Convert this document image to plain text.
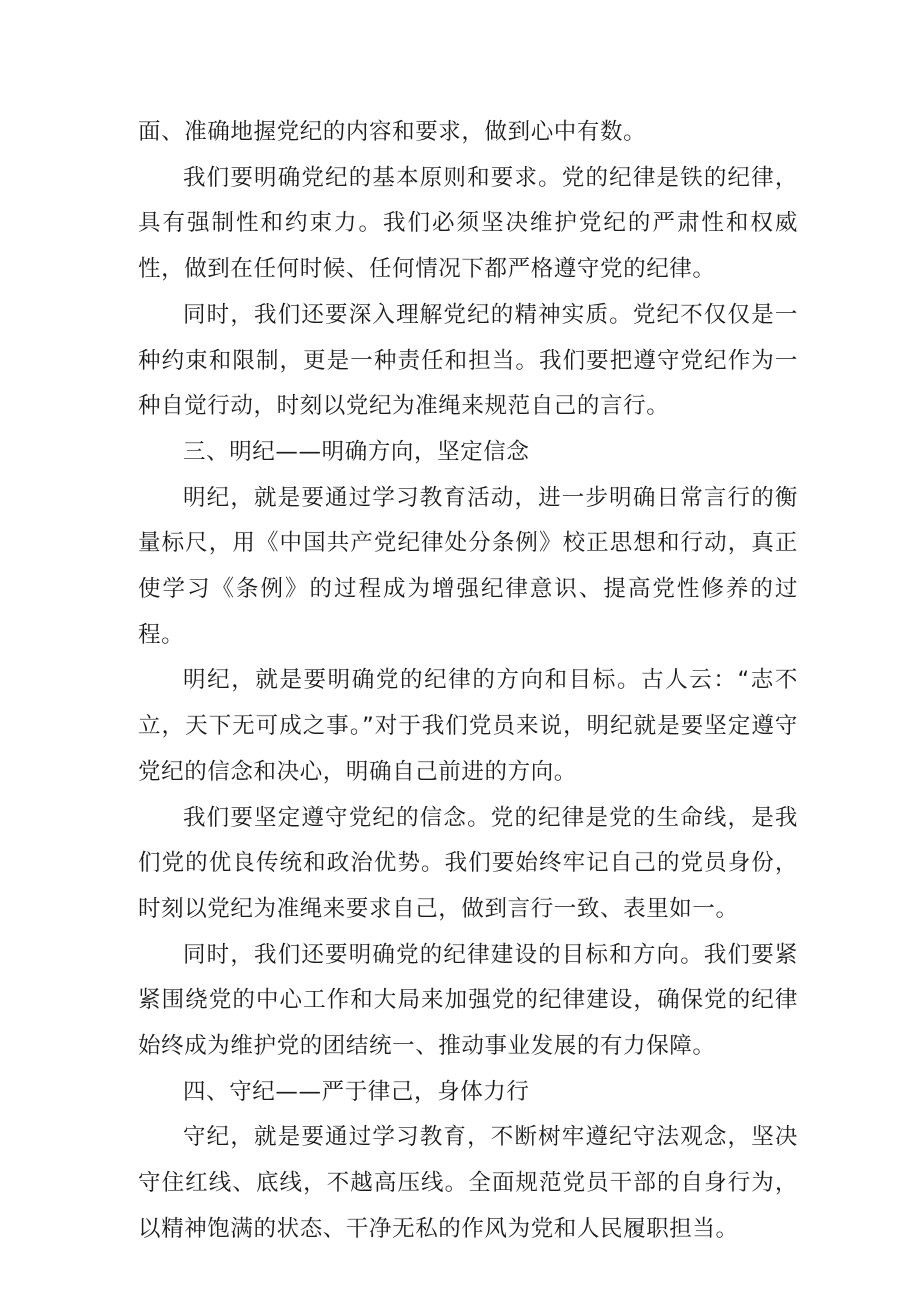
面、准确地握党纪的内容和要求，做到心中有数。

我们要明确党纪的基本原则和要求。党的纪律是铁的纪律，具有强制性和约束力。我们必须坚决维护党纪的严肃性和权威性，做到在任何时候、任何情况下都严格遵守党的纪律。

同时，我们还要深入理解党纪的精神实质。党纪不仅仅是一种约束和限制，更是一种责任和担当。我们要把遵守党纪作为一种自觉行动，时刻以党纪为准绳来规范自己的言行。

三、明纪——明确方向，坚定信念

明纪，就是要通过学习教育活动，进一步明确日常言行的衡量标尺，用《中国共产党纪律处分条例》校正思想和行动，真正使学习《条例》的过程成为增强纪律意识、提高党性修养的过程。

明纪，就是要明确党的纪律的方向和目标。古人云：“志不立，天下无可成之事。”对于我们党员来说，明纪就是要坚定遵守党纪的信念和决心，明确自己前进的方向。

我们要坚定遵守党纪的信念。党的纪律是党的生命线，是我们党的优良传统和政治优势。我们要始终牢记自己的党员身份，时刻以党纪为准绳来要求自己，做到言行一致、表里如一。

同时，我们还要明确党的纪律建设的目标和方向。我们要紧紧围绕党的中心工作和大局来加强党的纪律建设，确保党的纪律始终成为维护党的团结统一、推动事业发展的有力保障。

四、守纪——严于律己，身体力行

守纪，就是要通过学习教育，不断树牢遵纪守法观念，坚决守住红线、底线，不越高压线。全面规范党员干部的自身行为，以精神饱满的状态、干净无私的作风为党和人民履职担当。
